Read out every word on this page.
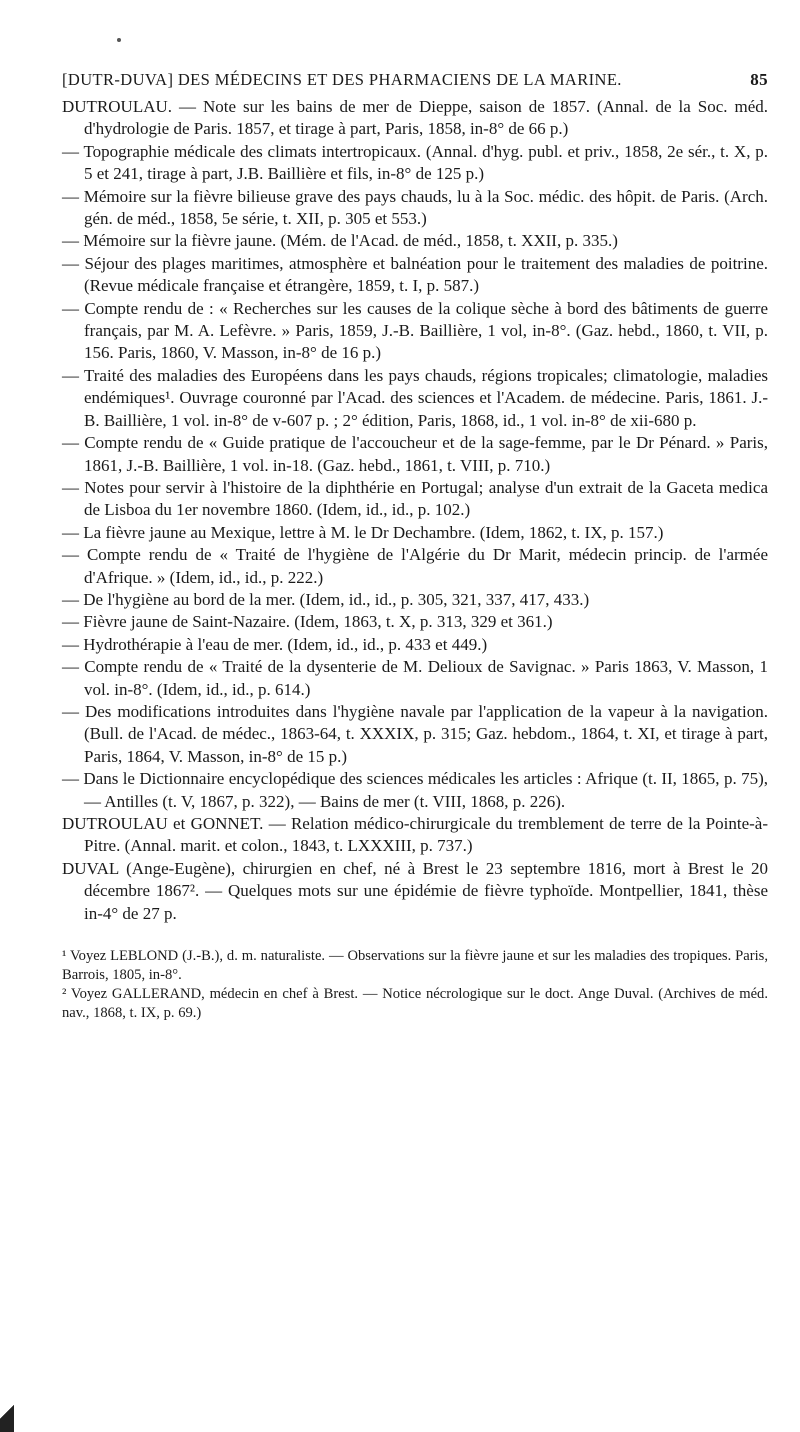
[DUTR-DUVA] DES MÉDECINS ET DES PHARMACIENS DE LA MARINE.	85

DUTROULAU. — Note sur les bains de mer de Dieppe, saison de 1857. (Annal. de la Soc. méd. d'hydrologie de Paris. 1857, et tirage à part, Paris, 1858, in-8° de 66 p.)

— Topographie médicale des climats intertropicaux. (Annal. d'hyg. publ. et priv., 1858, 2e sér., t. X, p. 5 et 241, tirage à part, J.B. Baillière et fils, in-8° de 125 p.)

— Mémoire sur la fièvre bilieuse grave des pays chauds, lu à la Soc. médic. des hôpit. de Paris. (Arch. gén. de méd., 1858, 5e série, t. XII, p. 305 et 553.)

— Mémoire sur la fièvre jaune. (Mém. de l'Acad. de méd., 1858, t. XXII, p. 335.)

— Séjour des plages maritimes, atmosphère et balnéation pour le traitement des maladies de poitrine. (Revue médicale française et étrangère, 1859, t. I, p. 587.)

— Compte rendu de : « Recherches sur les causes de la colique sèche à bord des bâtiments de guerre français, par M. A. Lefèvre. » Paris, 1859, J.-B. Baillière, 1 vol, in-8°. (Gaz. hebd., 1860, t. VII, p. 156. Paris, 1860, V. Masson, in-8° de 16 p.)

— Traité des maladies des Européens dans les pays chauds, régions tropicales; climatologie, maladies endémiques¹. Ouvrage couronné par l'Acad. des sciences et l'Academ. de médecine. Paris, 1861. J.-B. Baillière, 1 vol. in-8° de v-607 p. ; 2° édition, Paris, 1868, id., 1 vol. in-8° de xii-680 p.

— Compte rendu de « Guide pratique de l'accoucheur et de la sage-femme, par le Dr Pénard. » Paris, 1861, J.-B. Baillière, 1 vol. in-18. (Gaz. hebd., 1861, t. VIII, p. 710.)

— Notes pour servir à l'histoire de la diphthérie en Portugal; analyse d'un extrait de la Gaceta medica de Lisboa du 1er novembre 1860. (Idem, id., id., p. 102.)

— La fièvre jaune au Mexique, lettre à M. le Dr Dechambre. (Idem, 1862, t. IX, p. 157.)

— Compte rendu de « Traité de l'hygiène de l'Algérie du Dr Marit, médecin princip. de l'armée d'Afrique. » (Idem, id., id., p. 222.)

— De l'hygiène au bord de la mer. (Idem, id., id., p. 305, 321, 337, 417, 433.)

— Fièvre jaune de Saint-Nazaire. (Idem, 1863, t. X, p. 313, 329 et 361.)

— Hydrothérapie à l'eau de mer. (Idem, id., id., p. 433 et 449.)

— Compte rendu de « Traité de la dysenterie de M. Delioux de Savignac. » Paris 1863, V. Masson, 1 vol. in-8°. (Idem, id., id., p. 614.)

— Des modifications introduites dans l'hygiène navale par l'application de la vapeur à la navigation. (Bull. de l'Acad. de médec., 1863-64, t. XXXIX, p. 315; Gaz. hebdom., 1864, t. XI, et tirage à part, Paris, 1864, V. Masson, in-8° de 15 p.)

— Dans le Dictionnaire encyclopédique des sciences médicales les articles : Afrique (t. II, 1865, p. 75), — Antilles (t. V, 1867, p. 322), — Bains de mer (t. VIII, 1868, p. 226).

DUTROULAU et GONNET. — Relation médico-chirurgicale du tremblement de terre de la Pointe-à-Pitre. (Annal. marit. et colon., 1843, t. LXXXIII, p. 737.)

DUVAL (Ange-Eugène), chirurgien en chef, né à Brest le 23 septembre 1816, mort à Brest le 20 décembre 1867². — Quelques mots sur une épidémie de fièvre typhoïde. Montpellier, 1841, thèse in-4° de 27 p.

¹ Voyez LEBLOND (J.-B.), d. m. naturaliste. — Observations sur la fièvre jaune et sur les maladies des tropiques. Paris, Barrois, 1805, in-8°.

² Voyez GALLERAND, médecin en chef à Brest. — Notice nécrologique sur le doct. Ange Duval. (Archives de méd. nav., 1868, t. IX, p. 69.)
